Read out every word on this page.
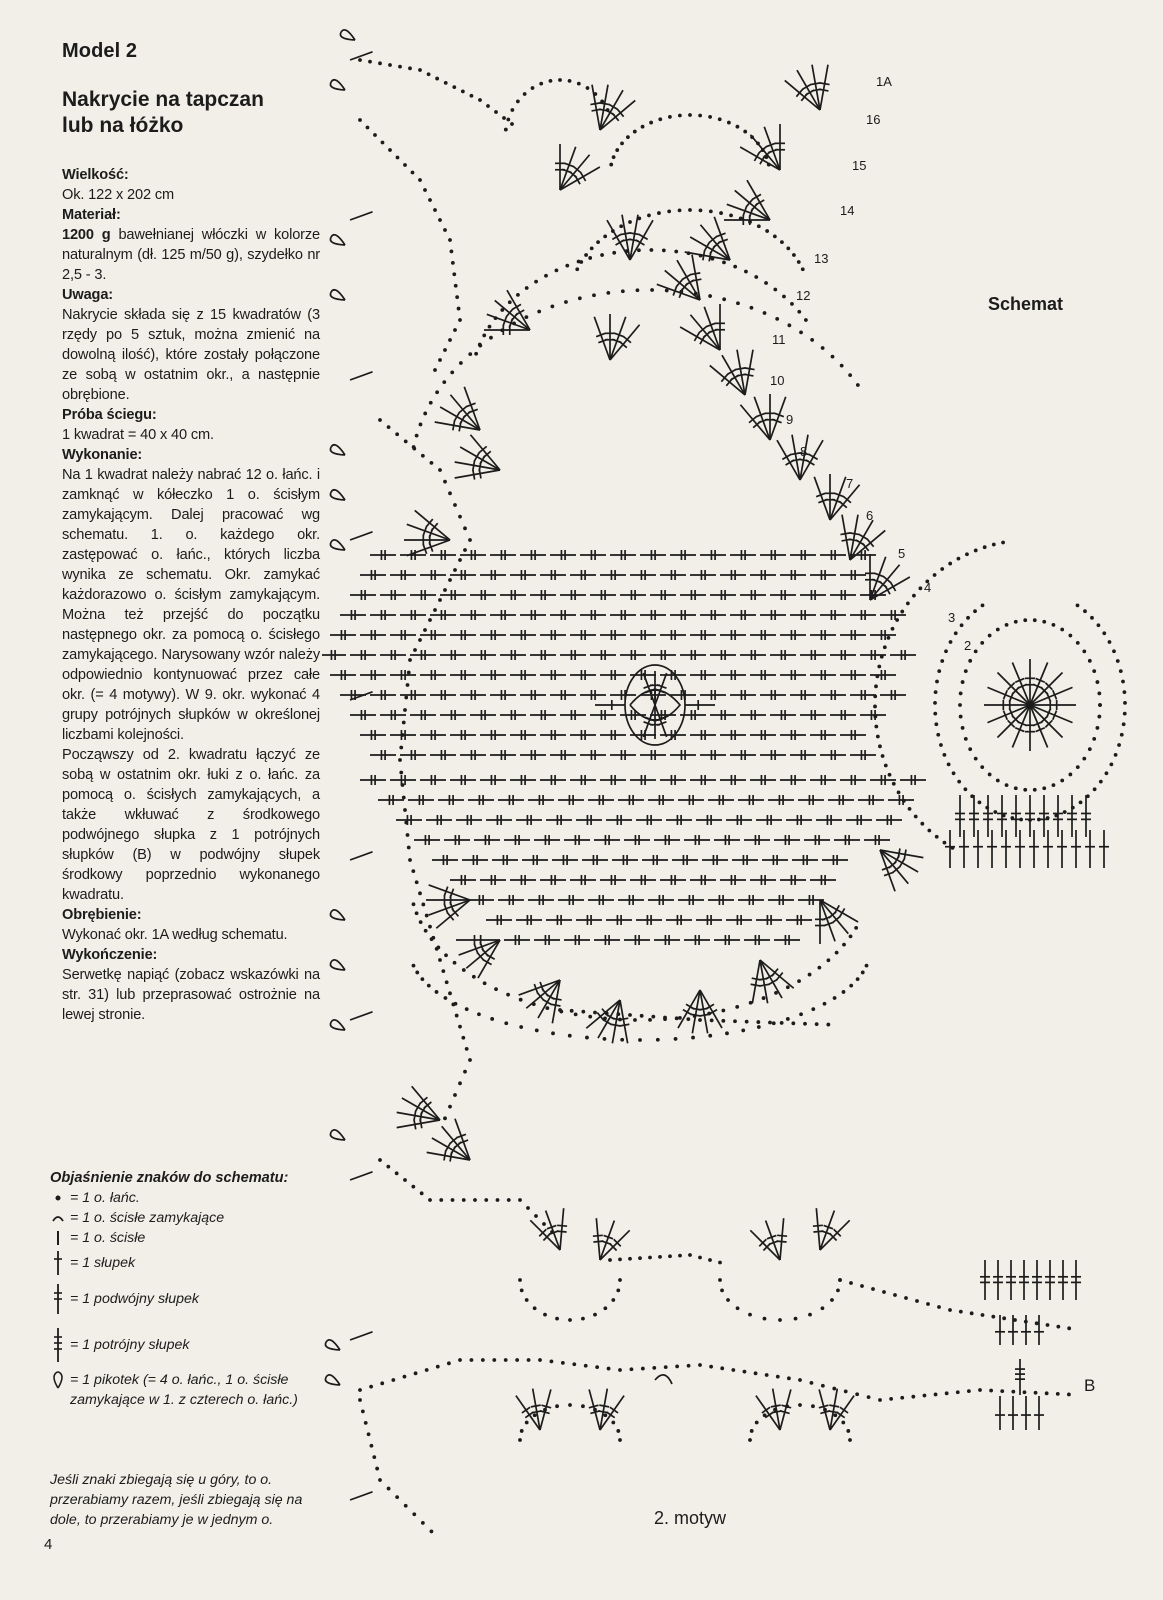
Model 2
Nakrycie na tapczan
lub na łóżko
Wielkość:
Ok. 122 x 202 cm
Materiał:
1200 g bawełnianej włóczki w kolorze naturalnym (dł. 125 m/50 g), szydełko nr 2,5 - 3.
Uwaga:
Nakrycie składa się z 15 kwadratów (3 rzędy po 5 sztuk, można zmienić na dowolną ilość), które zostały połączone ze sobą w ostatnim okr., a następnie obrębione.
Próba ściegu:
1 kwadrat = 40 x 40 cm.
Wykonanie:
Na 1 kwadrat należy nabrać 12 o. łańc. i zamknąć w kółeczko 1 o. ścisłym zamykającym. Dalej pracować wg schematu. 1. o. każdego okr. zastępować o. łańc., których liczba wynika ze schematu. Okr. zamykać każdorazowo o. ścisłym zamykającym. Można też przejść do początku następnego okr. za pomocą o. ścisłego zamykającego. Narysowany wzór należy odpowiednio kontynuować przez całe okr. (= 4 motywy). W 9. okr. wykonać 4 grupy potrójnych słupków w określonej liczbami kolejności.
Począwszy od 2. kwadratu łączyć ze sobą w ostatnim okr. łuki z o. łańc. za pomocą o. ścisłych zamykających, a także wkłuwać z środkowego podwójnego słupka z 1 potrójnych słupków (B) w podwójny słupek środkowy poprzednio wykonanego kwadratu.
Obrębienie:
Wykonać okr. 1A według schematu.
Wykończenie:
Serwetkę napiąć (zobacz wskazówki na str. 31) lub przeprasować ostrożnie na lewej stronie.
Objaśnienie znaków do schematu:
= 1 o. łańc.
= 1 o. ścisłe zamykające
= 1 o. ścisłe
= 1 słupek
= 1 podwójny słupek
= 1 potrójny słupek
= 1 pikotek (= 4 o. łańc., 1 o. ścisłe zamykające w 1. z czterech o. łańc.)
Jeśli znaki zbiegają się u góry, to o. przerabiamy razem, jeśli zbiegają się na dole, to przerabiamy je w jednym o.
4
1A
16
15
14
13
12
11
10
9
8
7
6
5
4
3
2
Schemat
2. motyw
B
